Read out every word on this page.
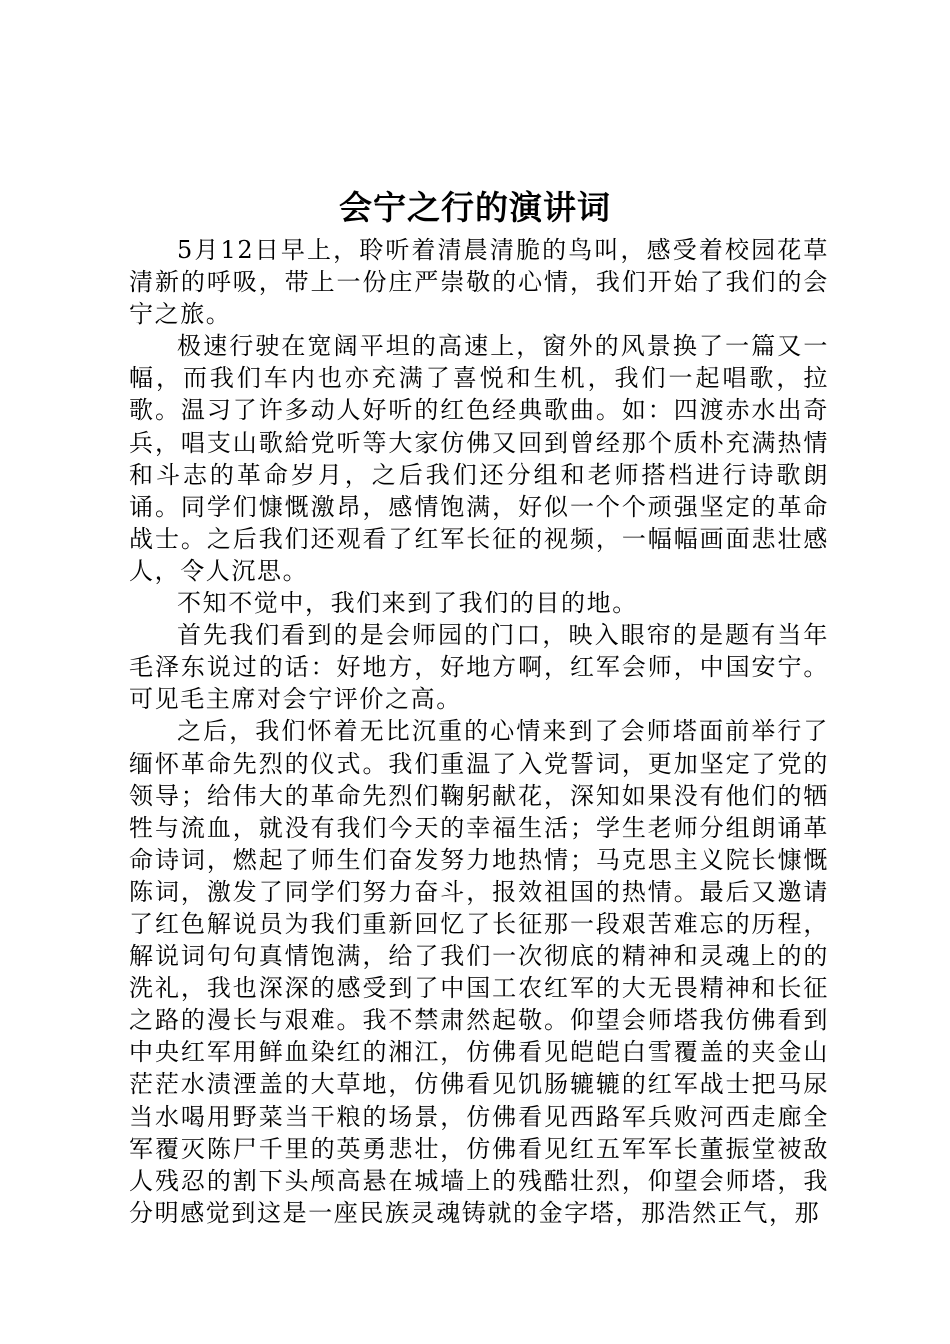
会宁之行的演讲词

5月12日早上，聆听着清晨清脆的鸟叫，感受着校园花草清新的呼吸，带上一份庄严崇敬的心情，我们开始了我们的会宁之旅。

极速行驶在宽阔平坦的高速上，窗外的风景换了一篇又一幅，而我们车内也亦充满了喜悦和生机，我们一起唱歌，拉歌。温习了许多动人好听的红色经典歌曲。如：四渡赤水出奇兵，唱支山歌給党听等大家仿佛又回到曾经那个质朴充满热情和斗志的革命岁月，之后我们还分组和老师搭档进行诗歌朗诵。同学们慷慨激昂，感情饱满，好似一个个顽强坚定的革命战士。之后我们还观看了红军长征的视频，一幅幅画面悲壮感人，令人沉思。

不知不觉中，我们来到了我们的目的地。

首先我们看到的是会师园的门口，映入眼帘的是题有当年毛泽东说过的话：好地方，好地方啊，红军会师，中国安宁。可见毛主席对会宁评价之高。

之后，我们怀着无比沉重的心情来到了会师塔面前举行了缅怀革命先烈的仪式。我们重温了入党誓词，更加坚定了党的领导；给伟大的革命先烈们鞠躬献花，深知如果没有他们的牺牲与流血，就没有我们今天的幸福生活；学生老师分组朗诵革命诗词，燃起了师生们奋发努力地热情；马克思主义院长慷慨陈词，激发了同学们努力奋斗，报效祖国的热情。最后又邀请了红色解说员为我们重新回忆了长征那一段艰苦难忘的历程，解说词句句真情饱满，给了我们一次彻底的精神和灵魂上的的洗礼，我也深深的感受到了中国工农红军的大无畏精神和长征之路的漫长与艰难。我不禁肃然起敬。仰望会师塔我仿佛看到中央红军用鲜血染红的湘江，仿佛看见皑皑白雪覆盖的夹金山茫茫水渍湮盖的大草地，仿佛看见饥肠辘辘的红军战士把马尿当水喝用野菜当干粮的场景，仿佛看见西路军兵败河西走廊全军覆灭陈尸千里的英勇悲壮，仿佛看见红五军军长董振堂被敌人残忍的割下头颅高悬在城墙上的残酷壮烈，仰望会师塔，我分明感觉到这是一座民族灵魂铸就的金字塔，那浩然正气，那
